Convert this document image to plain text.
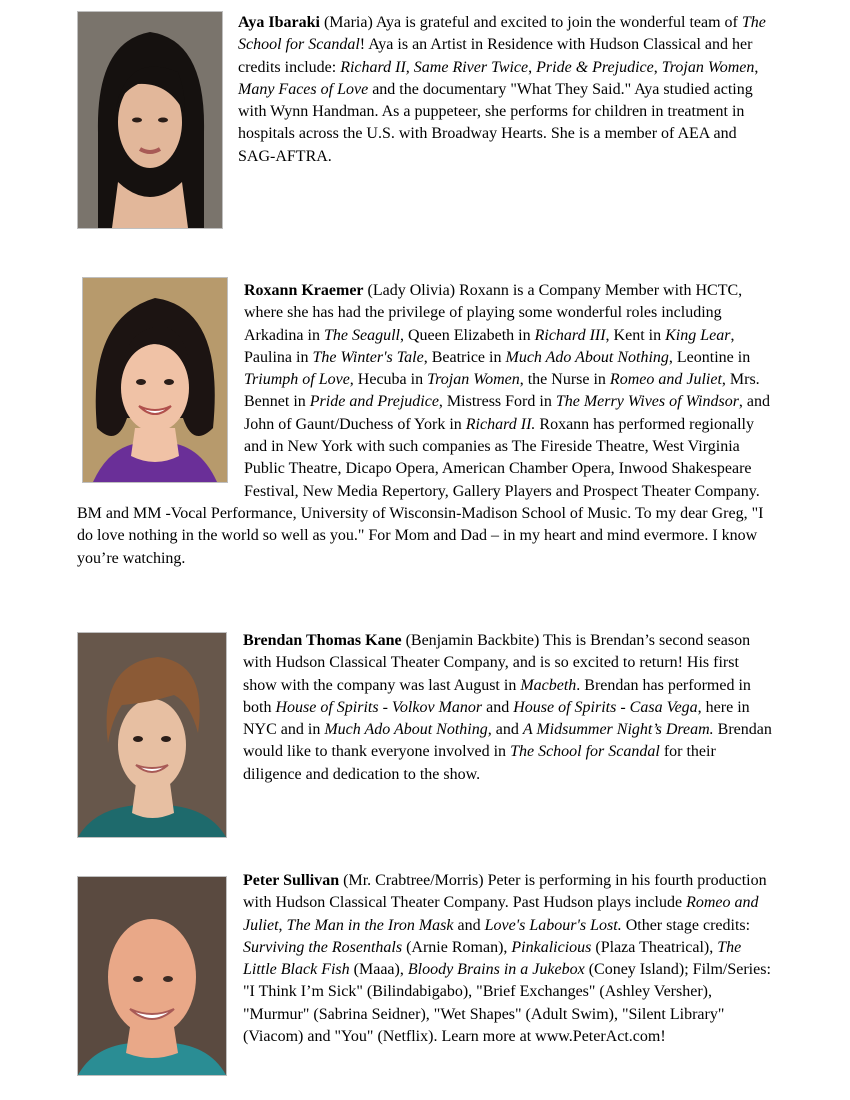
Aya Ibaraki (Maria) Aya is grateful and excited to join the wonderful team of The School for Scandal! Aya is an Artist in Residence with Hudson Classical and her credits include: Richard II, Same River Twice, Pride & Prejudice, Trojan Women, Many Faces of Love and the documentary "What They Said." Aya studied acting with Wynn Handman. As a puppeteer, she performs for children in treatment in hospitals across the U.S. with Broadway Hearts. She is a member of AEA and SAG-AFTRA.

Roxann Kraemer (Lady Olivia) Roxann is a Company Member with HCTC, where she has had the privilege of playing some wonderful roles including Arkadina in The Seagull, Queen Elizabeth in Richard III, Kent in King Lear, Paulina in The Winter's Tale, Beatrice in Much Ado About Nothing, Leontine in Triumph of Love, Hecuba in Trojan Women, the Nurse in Romeo and Juliet, Mrs. Bennet in Pride and Prejudice, Mistress Ford in The Merry Wives of Windsor, and John of Gaunt/Duchess of York in Richard II. Roxann has performed regionally and in New York with such companies as The Fireside Theatre, West Virginia Public Theatre, Dicapo Opera, American Chamber Opera, Inwood Shakespeare Festival, New Media Repertory, Gallery Players and Prospect Theater Company. BM and MM -Vocal Performance, University of Wisconsin-Madison School of Music. To my dear Greg, "I do love nothing in the world so well as you." For Mom and Dad – in my heart and mind evermore. I know you’re watching.

Brendan Thomas Kane (Benjamin Backbite) This is Brendan’s second season with Hudson Classical Theater Company, and is so excited to return! His first show with the company was last August in Macbeth. Brendan has performed in both House of Spirits - Volkov Manor and House of Spirits - Casa Vega, here in NYC and in Much Ado About Nothing, and A Midsummer Night’s Dream. Brendan would like to thank everyone involved in The School for Scandal for their diligence and dedication to the show.

Peter Sullivan (Mr. Crabtree/Morris) Peter is performing in his fourth production with Hudson Classical Theater Company. Past Hudson plays include Romeo and Juliet, The Man in the Iron Mask and Love's Labour's Lost. Other stage credits: Surviving the Rosenthals (Arnie Roman), Pinkalicious (Plaza Theatrical), The Little Black Fish (Maaa), Bloody Brains in a Jukebox (Coney Island); Film/Series: "I Think I’m Sick" (Bilindabigabo), "Brief Exchanges" (Ashley Versher), "Murmur" (Sabrina Seidner), "Wet Shapes" (Adult Swim), "Silent Library" (Viacom) and "You" (Netflix). Learn more at www.PeterAct.com!
